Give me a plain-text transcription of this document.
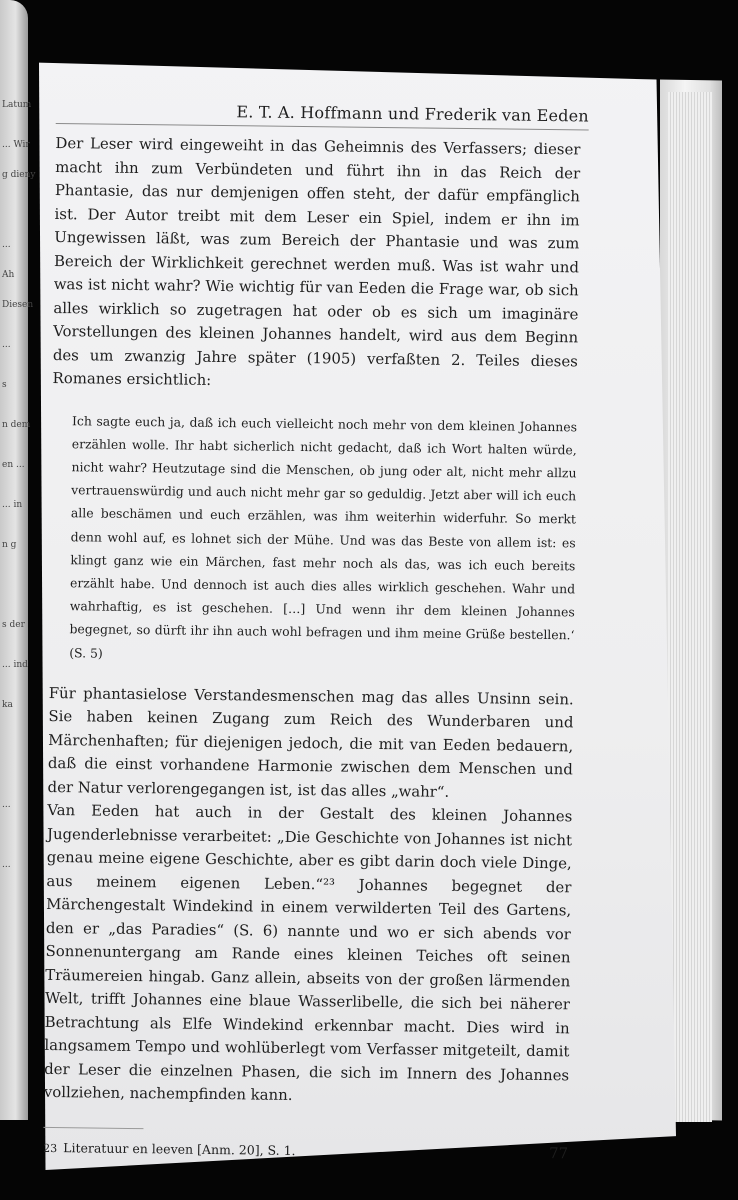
Latum
... Wir
g dieny
...
Ah
Diesen
...
s
n dem
en ...
... in
n g
s der
... ind
ka
...
...
E. T. A. Hoffmann und Frederik van Eeden

Der Leser wird eingeweiht in das Geheimnis des Verfassers; dieser macht ihn zum Verbündeten und führt ihn in das Reich der Phantasie, das nur demjenigen offen steht, der dafür empfänglich ist. Der Autor treibt mit dem Leser ein Spiel, indem er ihn im Ungewissen läßt, was zum Bereich der Phantasie und was zum Bereich der Wirklichkeit gerechnet werden muß. Was ist wahr und was ist nicht wahr? Wie wichtig für van Eeden die Frage war, ob sich alles wirklich so zugetragen hat oder ob es sich um imaginäre Vorstellungen des kleinen Johannes handelt, wird aus dem Beginn des um zwanzig Jahre später (1905) verfaßten 2. Teiles dieses Romanes ersichtlich:

Ich sagte euch ja, daß ich euch vielleicht noch mehr von dem kleinen Johannes erzählen wolle. Ihr habt sicherlich nicht gedacht, daß ich Wort halten würde, nicht wahr? Heutzutage sind die Menschen, ob jung oder alt, nicht mehr allzu vertrauenswürdig und auch nicht mehr gar so geduldig. Jetzt aber will ich euch alle beschämen und euch erzählen, was ihm weiterhin widerfuhr. So merkt denn wohl auf, es lohnet sich der Mühe. Und was das Beste von allem ist: es klingt ganz wie ein Märchen, fast mehr noch als das, was ich euch bereits erzählt habe. Und dennoch ist auch dies alles wirklich geschehen. Wahr und wahrhaftig, es ist geschehen. […] Und wenn ihr dem kleinen Johannes begegnet, so dürft ihr ihn auch wohl befragen und ihm meine Grüße bestellen.‘ (S. 5)

Für phantasielose Verstandesmenschen mag das alles Unsinn sein. Sie haben keinen Zugang zum Reich des Wunderbaren und Märchenhaften; für diejenigen jedoch, die mit van Eeden bedauern, daß die einst vorhandene Harmonie zwischen dem Menschen und der Natur verlorengegangen ist, ist das alles „wahr“.

Van Eeden hat auch in der Gestalt des kleinen Johannes Jugenderlebnisse verarbeitet: „Die Geschichte von Johannes ist nicht genau meine eigene Geschichte, aber es gibt darin doch viele Dinge, aus meinem eigenen Leben.“²³ Johannes begegnet der Märchengestalt Windekind in einem verwilderten Teil des Gartens, den er „das Paradies“ (S. 6) nannte und wo er sich abends vor Sonnenuntergang am Rande eines kleinen Teiches oft seinen Träumereien hingab. Ganz allein, abseits von der großen lärmenden Welt, trifft Johannes eine blaue Wasserlibelle, die sich bei näherer Betrachtung als Elfe Windekind erkennbar macht. Dies wird in langsamem Tempo und wohlüberlegt vom Verfasser mitgeteilt, damit der Leser die einzelnen Phasen, die sich im Innern des Johannes vollziehen, nachempfinden kann.

23 Literatuur en leeven [Anm. 20], S. 1.	77
